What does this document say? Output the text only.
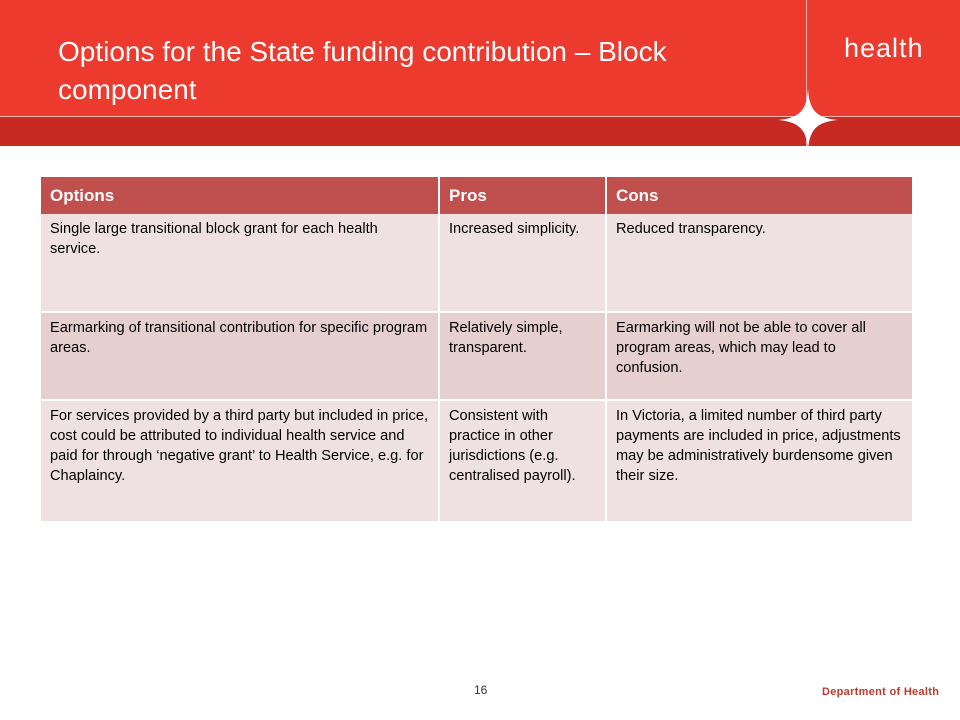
Options for the State funding contribution – Block component
health
Options	Pros	Cons
Single large transitional block grant for each health service.	Increased simplicity.	Reduced transparency.
Earmarking of transitional contribution for specific program areas.	Relatively simple, transparent.	Earmarking will not be able to cover all program areas, which may lead to confusion.
For services provided by a third party but included in price, cost could be attributed to individual health service and paid for through ‘negative grant’ to Health Service, e.g. for Chaplaincy.	Consistent with practice in other jurisdictions (e.g. centralised payroll).	In Victoria, a limited number of third party payments are included in price, adjustments may be administratively burdensome given their size.
16	Department of Health
